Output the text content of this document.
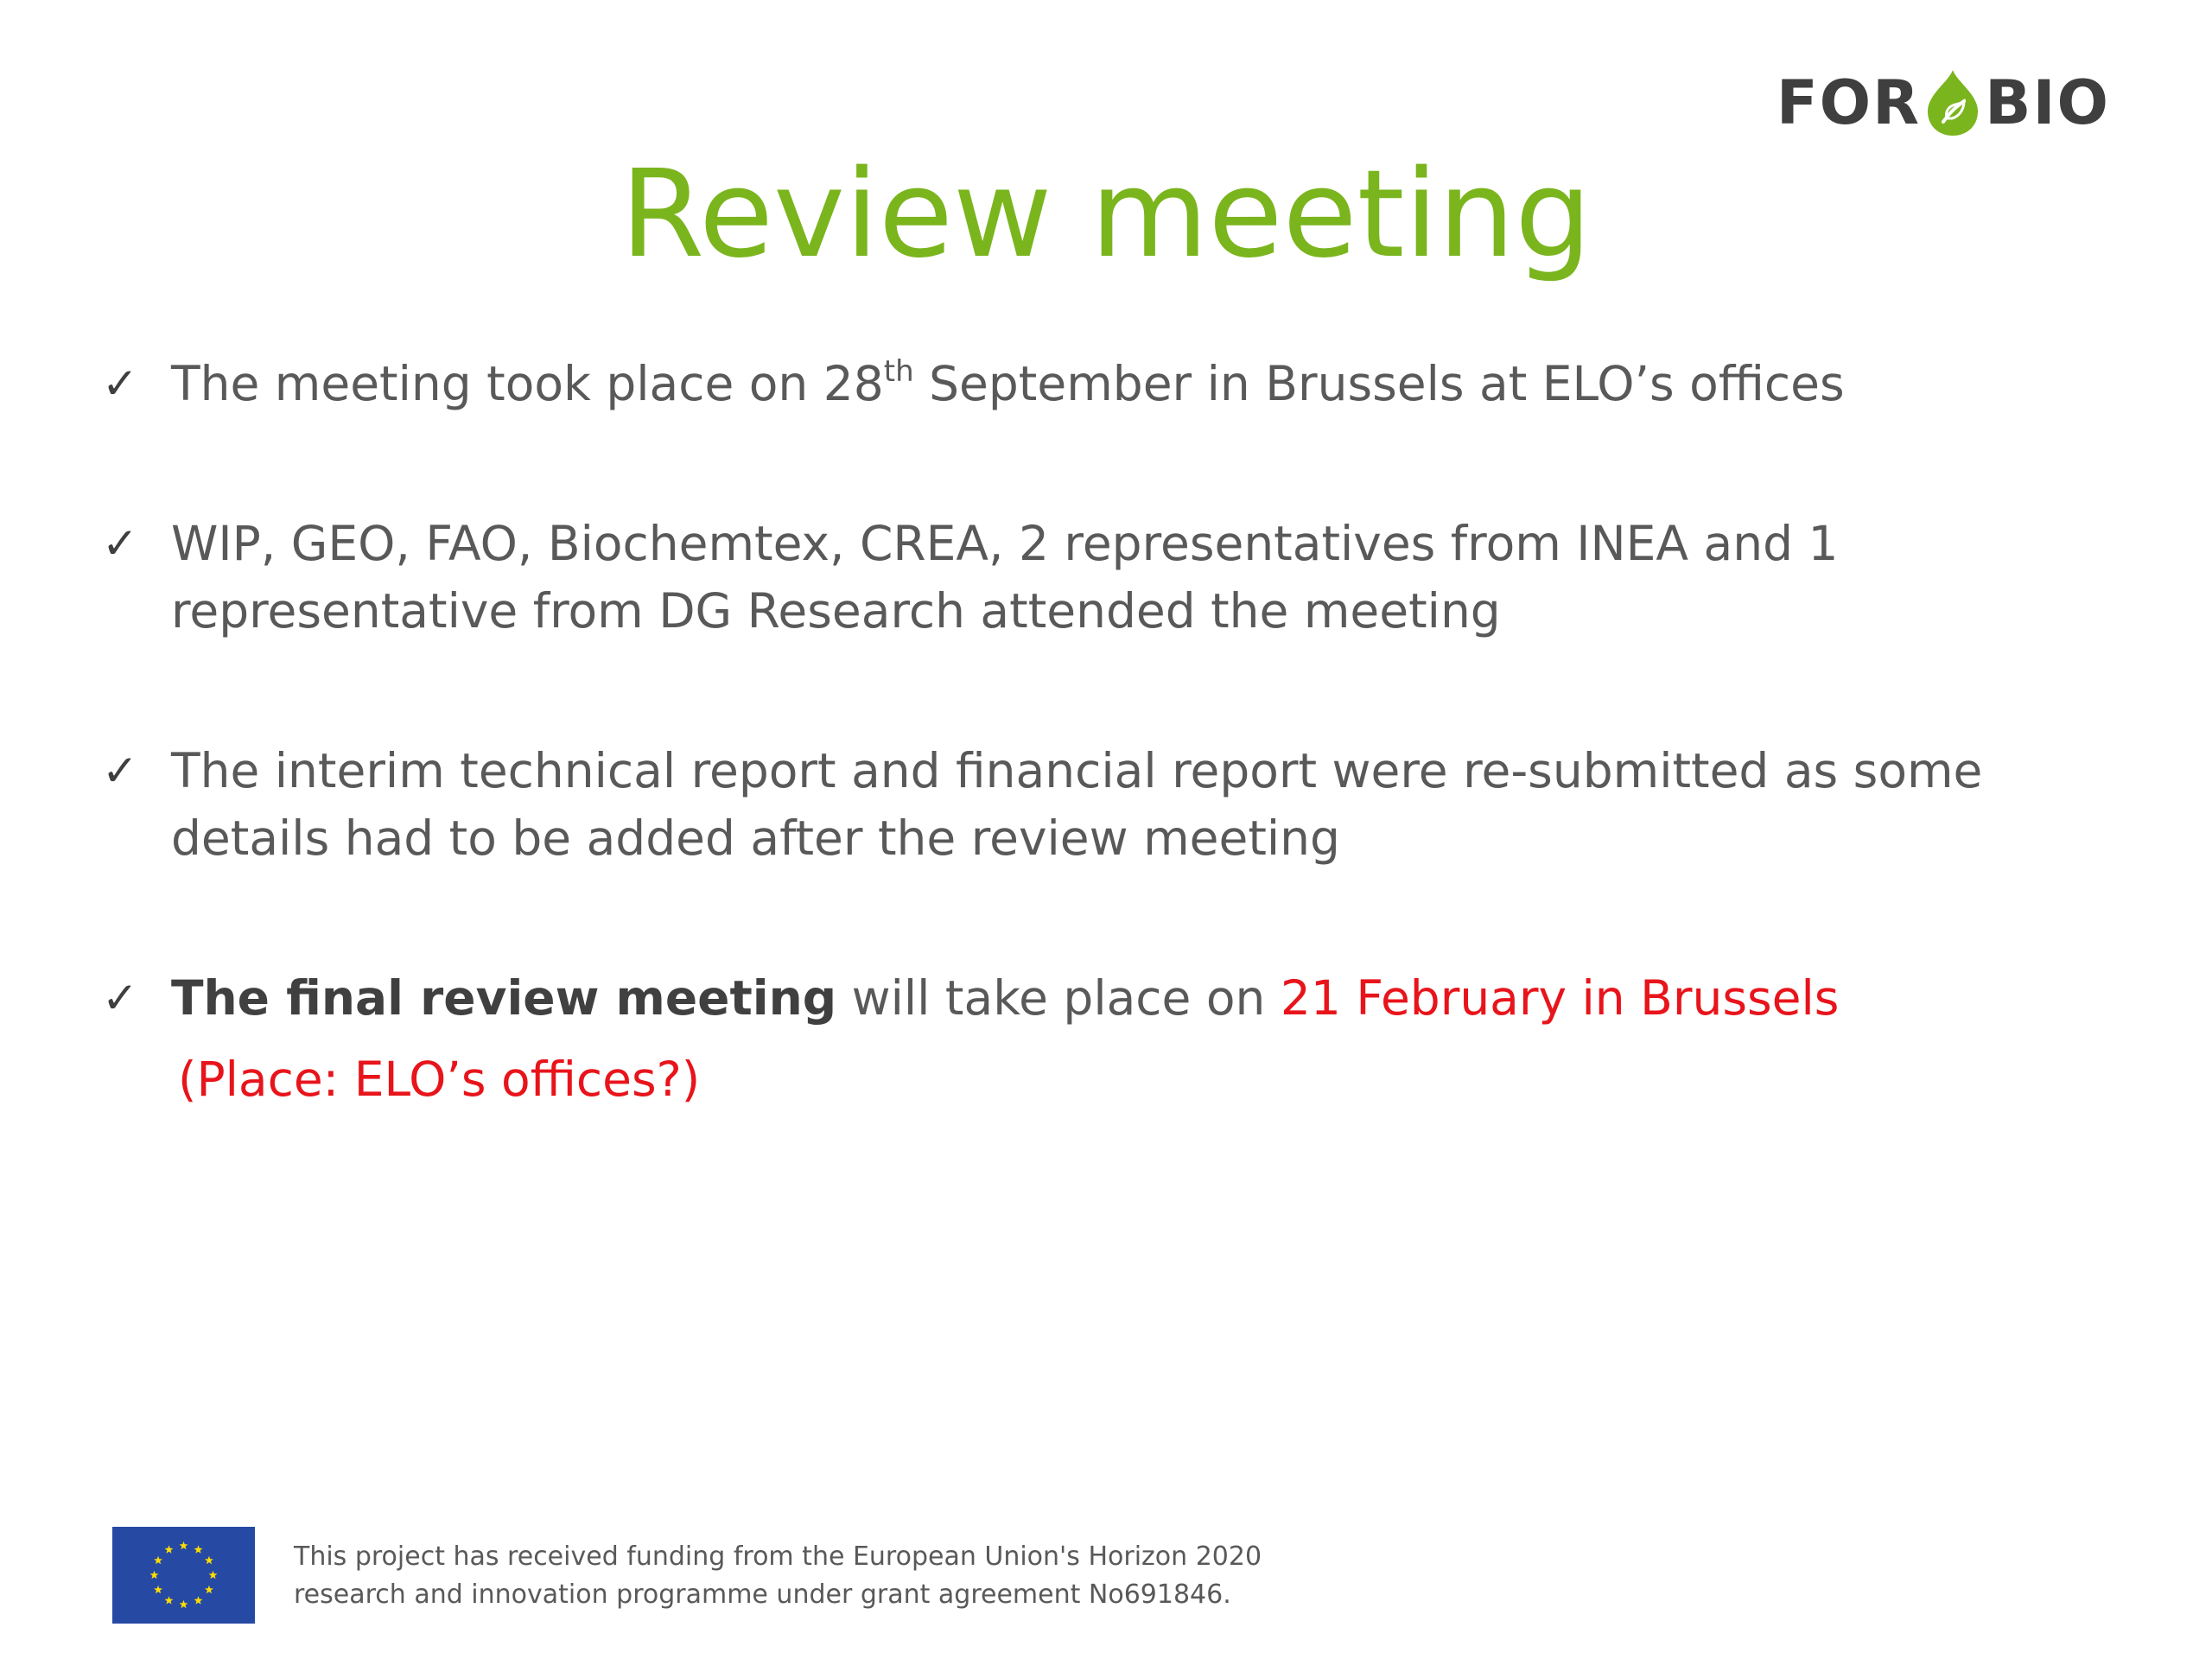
FOR BIO
Review meeting
✓ The meeting took place on 28th September in Brussels at ELO’s offices
✓ WIP, GEO, FAO, Biochemtex, CREA, 2 representatives from INEA and 1 representative from DG Research attended the meeting
✓ The interim technical report and financial report were re-submitted as some details had to be added after the review meeting
✓ The final review meeting will take place on 21 February in Brussels
(Place: ELO’s offices?)
This project has received funding from the European Union's Horizon 2020 research and innovation programme under grant agreement No691846.
